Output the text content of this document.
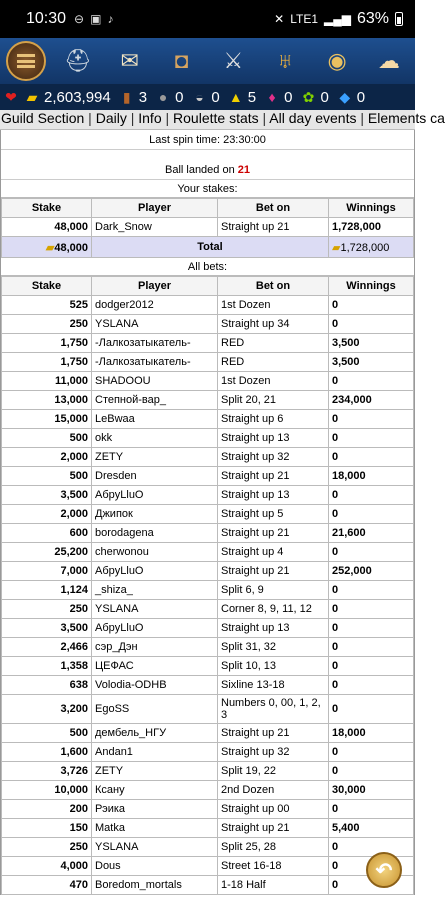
10:30 ⊖ ▣ ♪	✕ LTE1 ▂▄▆ 63%
⛑ ✉ ◘ ⚔ ♅ ◉ ☁
❤ ▰ 2,603,994 ▮ 3 ● 0 ◒ 0 ▲ 5 ♦ 0 ✿ 0 ◆ 0
Guild Section | Daily | Info | Roulette stats | All day events | Elements ca
Last spin time: 23:30:00
Ball landed on 21
Your stakes:
Stake	Player	Bet on	Winnings
48,000	Dark_Snow	Straight up 21	1,728,000
▰48,000	Total		▰1,728,000
All bets:
Stake	Player	Bet on	Winnings
525	dodger2012	1st Dozen	0
250	YSLANA	Straight up 34	0
1,750	-Лалкозатыкатель-	RED	3,500
1,750	-Лалкозатыкатель-	RED	3,500
11,000	SHADOOU	1st Dozen	0
13,000	Степной-вар_	Split 20, 21	234,000
15,000	LeBwaa	Straight up 6	0
500	okk	Straight up 13	0
2,000	ZETY	Straight up 32	0
500	Dresden	Straight up 21	18,000
3,500	AбpyLluO	Straight up 13	0
2,000	Джипок	Straight up 5	0
600	borodagena	Straight up 21	21,600
25,200	cherwonou	Straight up 4	0
7,000	AбpyLluO	Straight up 21	252,000
1,124	_shiza_	Split 6, 9	0
250	YSLANA	Corner 8, 9, 11, 12	0
3,500	AбpyLluO	Straight up 13	0
2,466	сэр_Дэн	Split 31, 32	0
1,358	ЦЕФАС	Split 10, 13	0
638	Volodia-ODHB	Sixline 13-18	0
3,200	EgoSS	Numbers 0, 00, 1, 2, 3	0
500	дембель_НГУ	Straight up 21	18,000
1,600	Andan1	Straight up 32	0
3,726	ZETY	Split 19, 22	0
10,000	Ксану	2nd Dozen	30,000
200	Рэика	Straight up 00	0
150	Matka	Straight up 21	5,400
250	YSLANA	Split 25, 28	0
4,000	Dous	Street 16-18	0
470	Boredom_mortals	1-18 Half	0
↶
